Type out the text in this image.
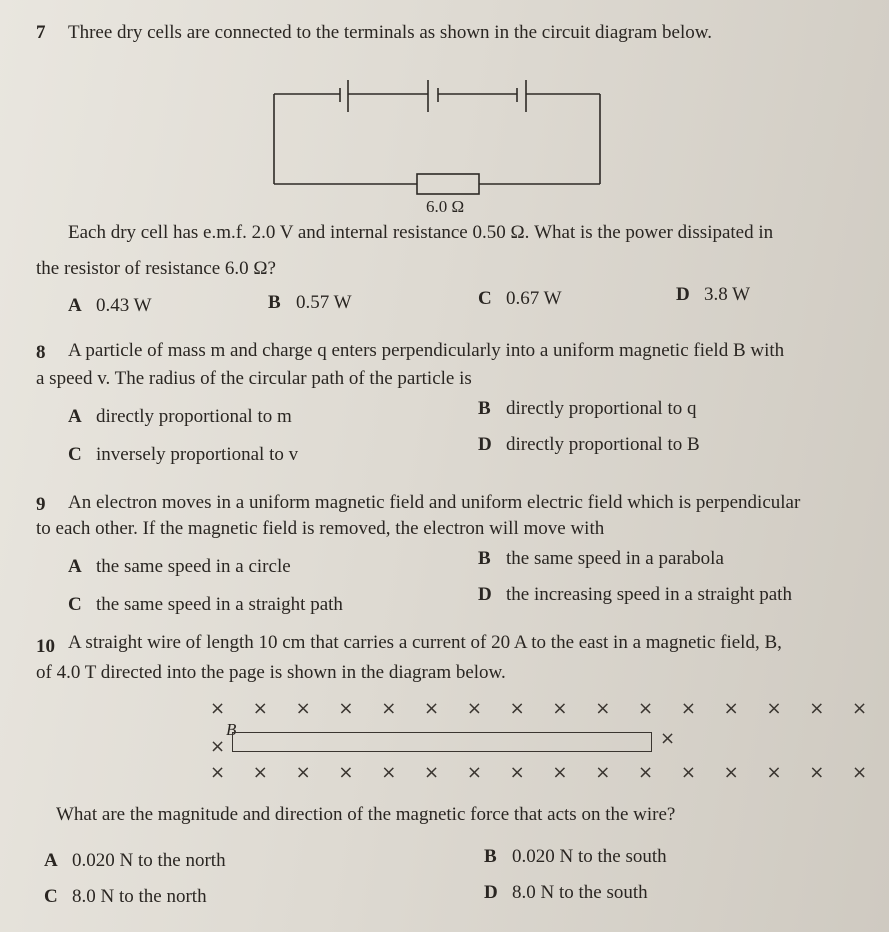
7 Three dry cells are connected to the terminals as shown in the circuit diagram below.
6.0 Ω
Each dry cell has e.m.f. 2.0 V and internal resistance 0.50 Ω. What is the power dissipated in
the resistor of resistance 6.0 Ω?
A 0.43 W	B 0.57 W	C 0.67 W	D 3.8 W
8 A particle of mass m and charge q enters perpendicularly into a uniform magnetic field B with
a speed v. The radius of the circular path of the particle is
A directly proportional to m	B directly proportional to q
C inversely proportional to v	D directly proportional to B
9 An electron moves in a uniform magnetic field and uniform electric field which is perpendicular
to each other. If the magnetic field is removed, the electron will move with
A the same speed in a circle	B the same speed in a parabola
C the same speed in a straight path	D the increasing speed in a straight path
10 A straight wire of length 10 cm that carries a current of 20 A to the east in a magnetic field, B,
of 4.0 T directed into the page is shown in the diagram below.
× × × × × × × × × × × × × × × ×
B
×	×
× × × × × × × × × × × × × × × ×
What are the magnitude and direction of the magnetic force that acts on the wire?
A 0.020 N to the north	B 0.020 N to the south
C 8.0 N to the north	D 8.0 N to the south
